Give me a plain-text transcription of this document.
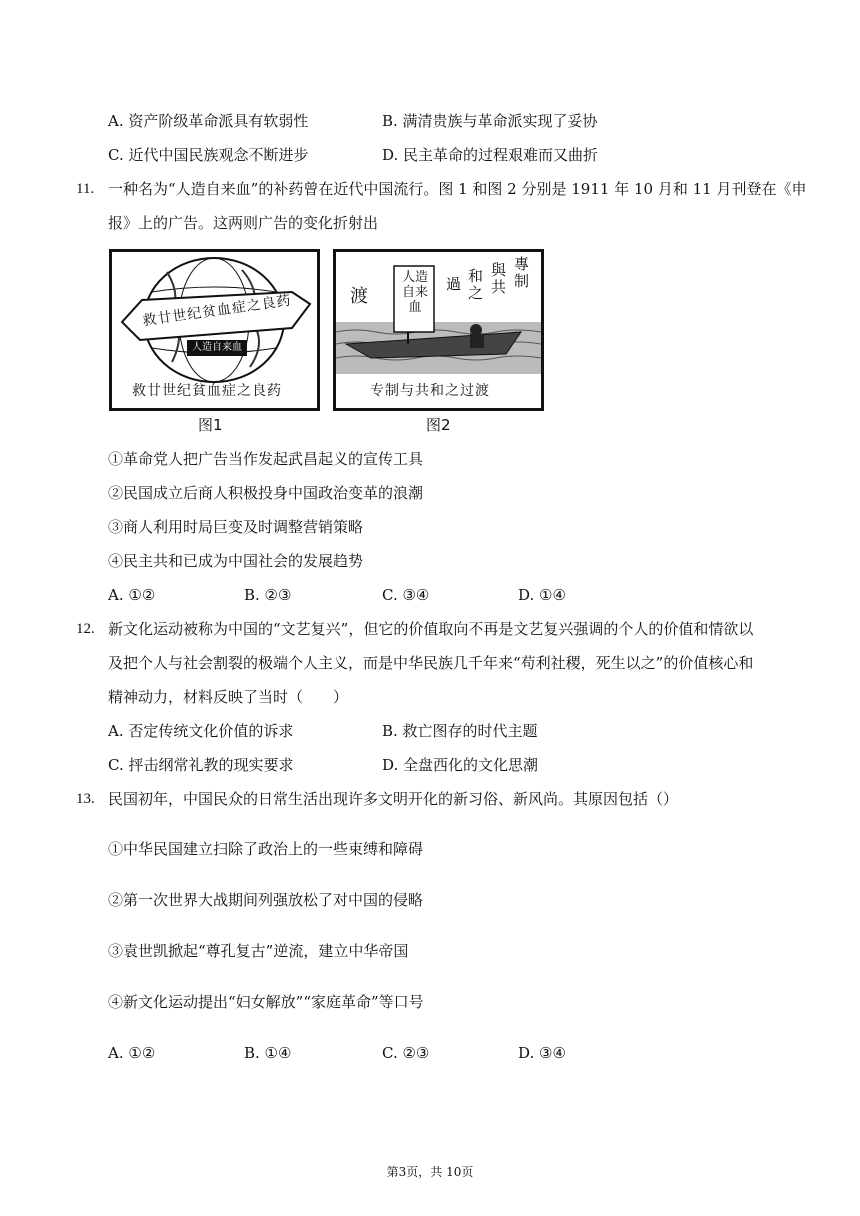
A. 资产阶级革命派具有软弱性	B. 满清贵族与革命派实现了妥协
C. 近代中国民族观念不断进步	D. 民主革命的过程艰难而又曲折
11. 一种名为“人造自来血”的补药曾在近代中国流行。图 1 和图 2 分别是 1911 年 10 月和 11 月刊登在《申
报》上的广告。这两则广告的变化折射出
救廿世纪贫血症之良药
人造自来血
救廿世纪貧血症之良药
图1
人造自来血
渡
過 和之
與共
專制
专制与共和之过渡
图2
①革命党人把广告当作发起武昌起义的宣传工具
②民国成立后商人积极投身中国政治变革的浪潮
③商人利用时局巨变及时调整营销策略
④民主共和已成为中国社会的发展趋势
A. ①②	B. ②③	C. ③④	D. ①④
12. 新文化运动被称为中国的“文艺复兴”，但它的价值取向不再是文艺复兴强调的个人的价值和情欲以
及把个人与社会割裂的极端个人主义，而是中华民族几千年来“苟利社稷，死生以之”的价值核心和
精神动力，材料反映了当时（　　）
A. 否定传统文化价值的诉求	B. 救亡图存的时代主题
C. 抨击纲常礼教的现实要求	D. 全盘西化的文化思潮
13. 民国初年，中国民众的日常生活出现许多文明开化的新习俗、新风尚。其原因包括（）
①中华民国建立扫除了政治上的一些束缚和障碍
②第一次世界大战期间列强放松了对中国的侵略
③袁世凯掀起“尊孔复古”逆流，建立中华帝国
④新文化运动提出“妇女解放”“家庭革命”等口号
A. ①②	B. ①④	C. ②③	D. ③④
第3页，共 10页
